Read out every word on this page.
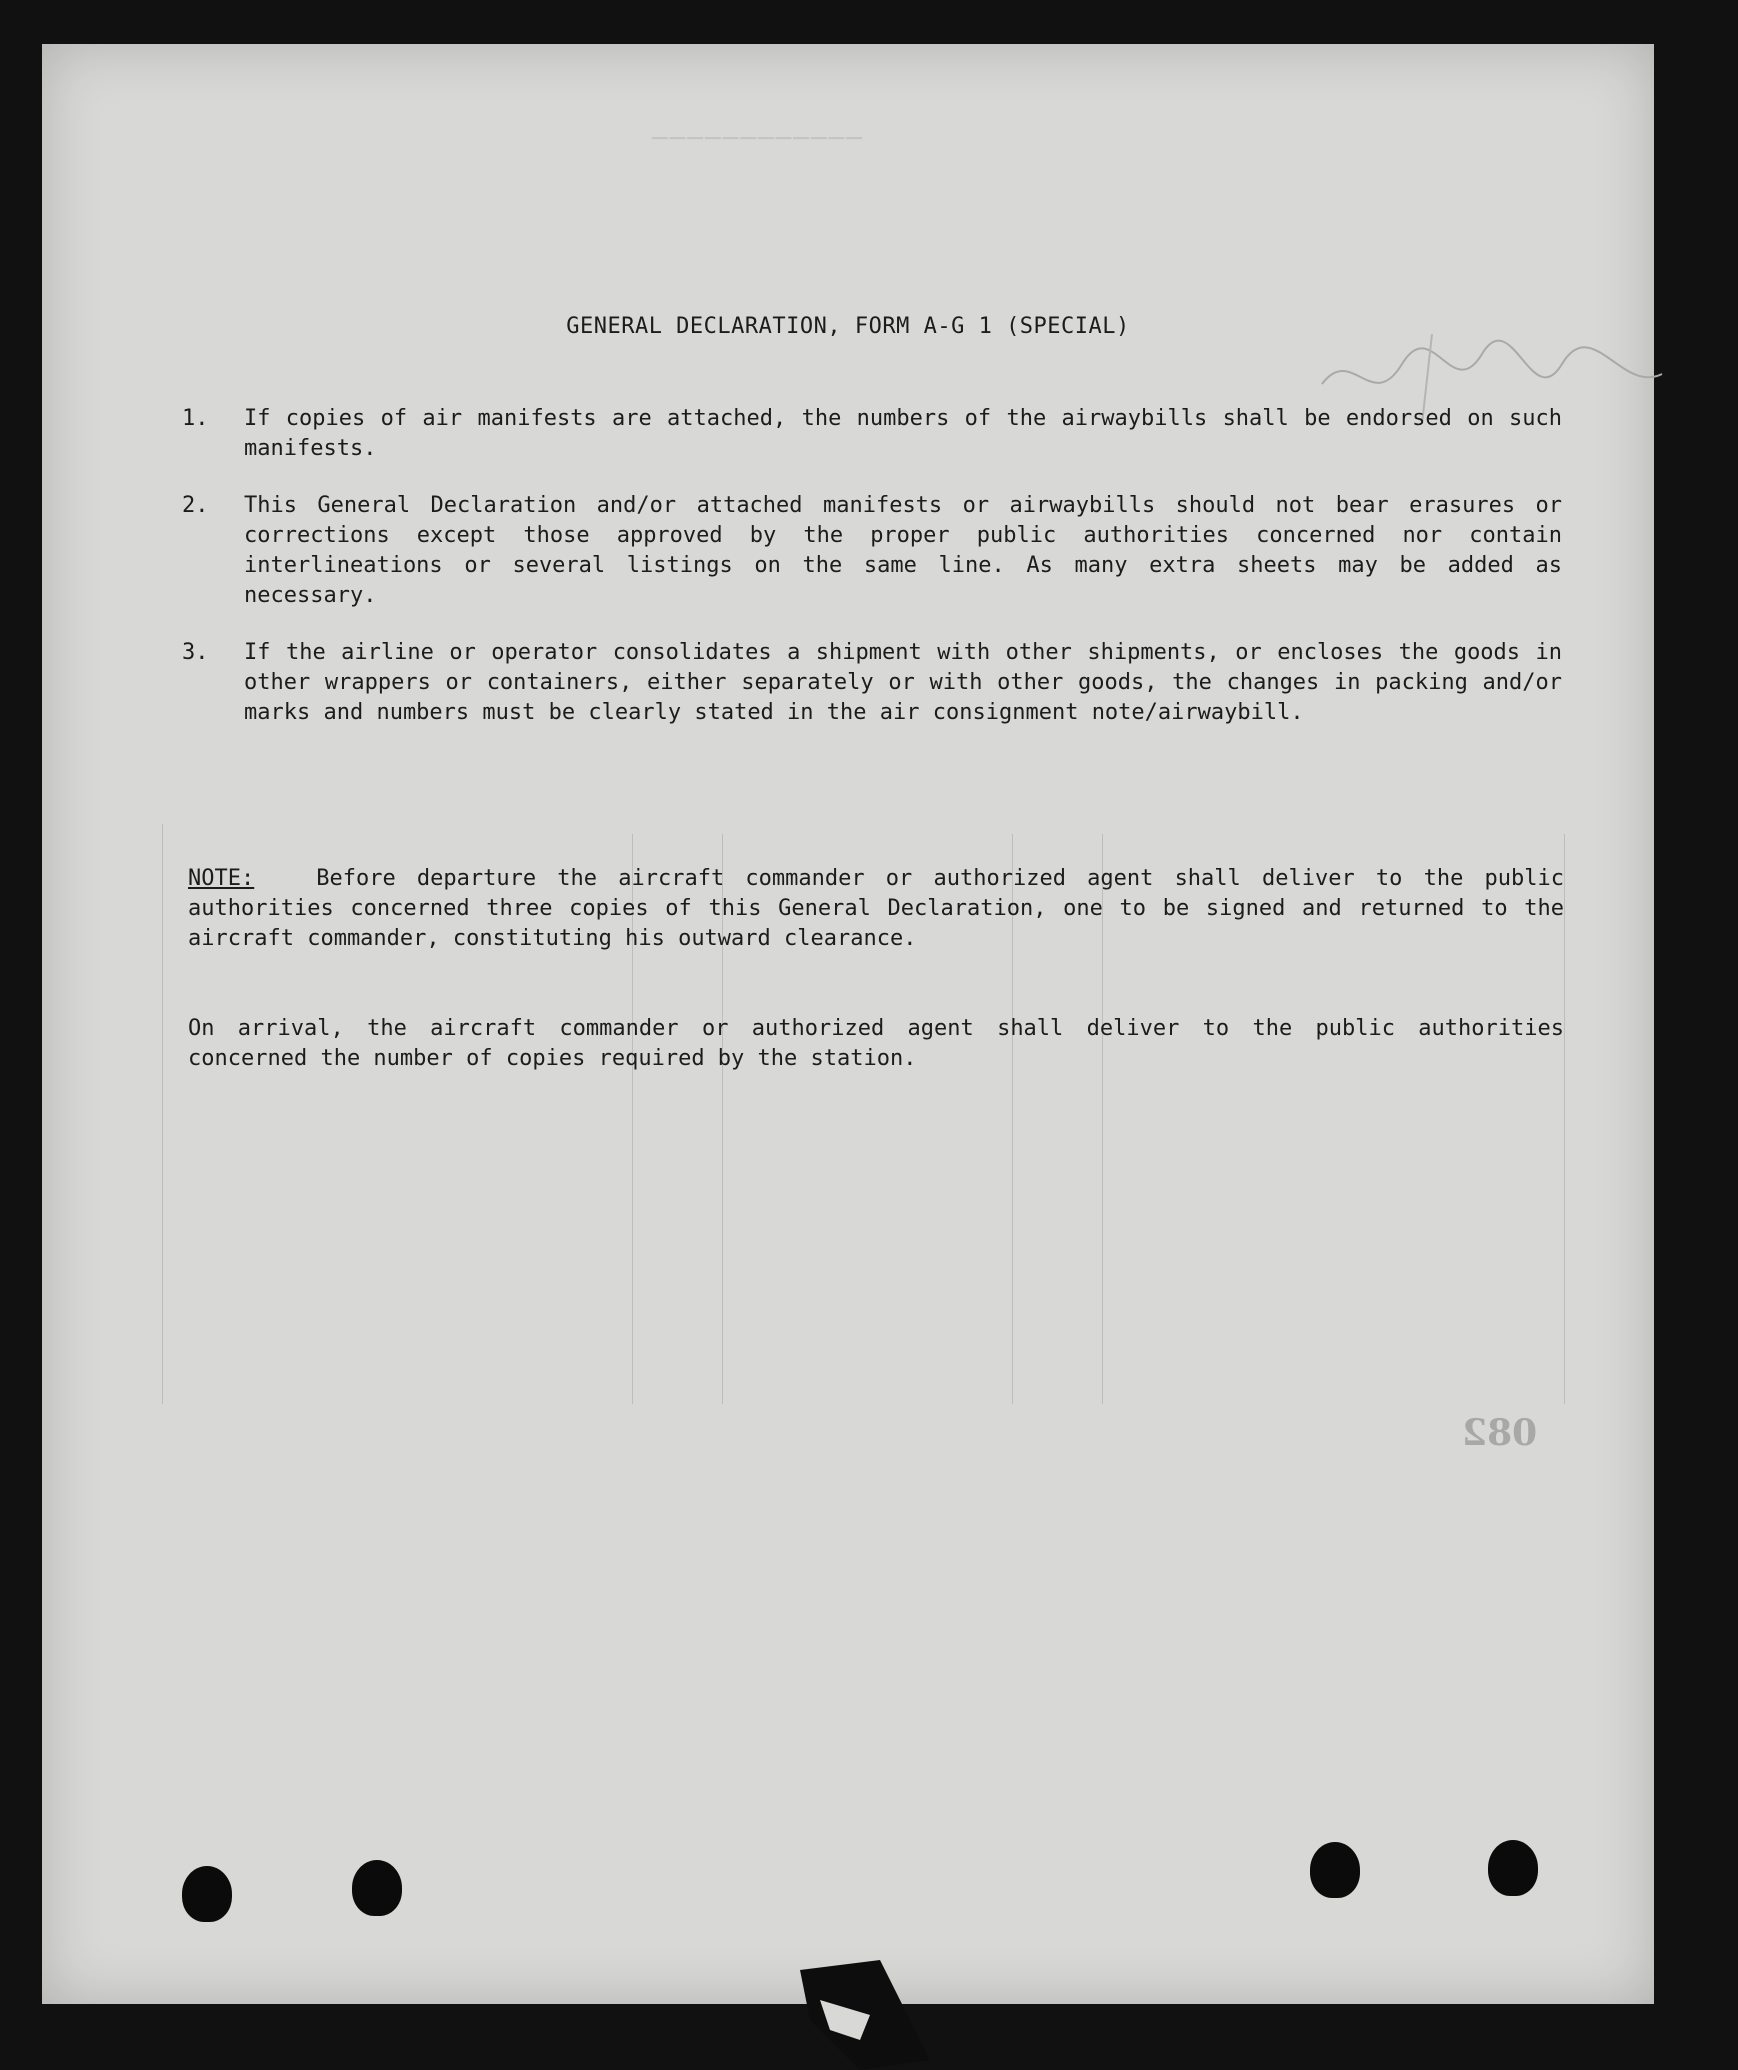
────────────
GENERAL DECLARATION, FORM A-G 1 (SPECIAL)
1.	If copies of air manifests are attached, the numbers of the airwaybills shall be endorsed on such manifests.
2.	This General Declaration and/or attached manifests or airwaybills should not bear erasures or corrections except those approved by the proper public authorities concerned nor contain interlineations or several listings on the same line. As many extra sheets may be added as necessary.
3.	If the airline or operator consolidates a shipment with other shipments, or encloses the goods in other wrappers or containers, either separately or with other goods, the changes in packing and/or marks and numbers must be clearly stated in the air consignment note/airwaybill.
NOTE:	Before departure the aircraft commander or authorized agent shall deliver to the public authorities concerned three copies of this General Declaration, one to be signed and returned to the aircraft commander, constituting his outward clearance.
On arrival, the aircraft commander or authorized agent shall deliver to the public authorities concerned the number of copies required by the station.
082
